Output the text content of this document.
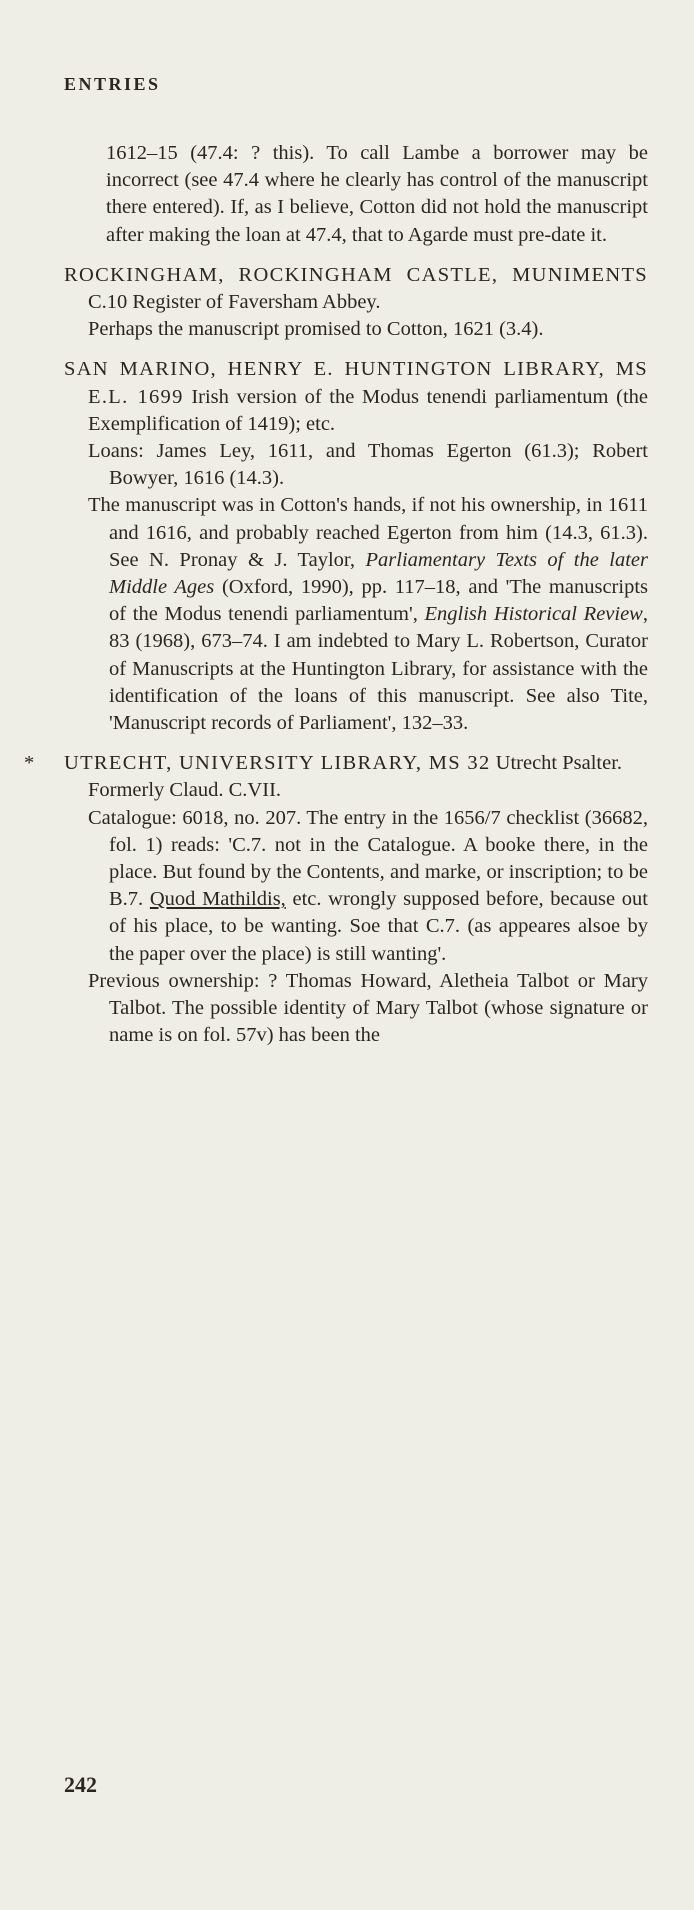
ENTRIES

1612–15 (47.4: ? this). To call Lambe a borrower may be incorrect (see 47.4 where he clearly has control of the manuscript there entered). If, as I believe, Cotton did not hold the manuscript after making the loan at 47.4, that to Agarde must pre-date it.

ROCKINGHAM, ROCKINGHAM CASTLE, MUNIMENTS C.10 Register of Faversham Abbey.

Perhaps the manuscript promised to Cotton, 1621 (3.4).

SAN MARINO, HENRY E. HUNTINGTON LIBRARY, MS E.L. 1699 Irish version of the Modus tenendi parliamentum (the Exemplification of 1419); etc.

Loans: James Ley, 1611, and Thomas Egerton (61.3); Robert Bowyer, 1616 (14.3).

The manuscript was in Cotton's hands, if not his ownership, in 1611 and 1616, and probably reached Egerton from him (14.3, 61.3). See N. Pronay & J. Taylor, Parliamentary Texts of the later Middle Ages (Oxford, 1990), pp. 117–18, and 'The manuscripts of the Modus tenendi parliamentum', English Historical Review, 83 (1968), 673–74. I am indebted to Mary L. Robertson, Curator of Manuscripts at the Huntington Library, for assistance with the identification of the loans of this manuscript. See also Tite, 'Manuscript records of Parliament', 132–33.

*	UTRECHT, UNIVERSITY LIBRARY, MS 32 Utrecht Psalter.

Formerly Claud. C.VII.

Catalogue: 6018, no. 207. The entry in the 1656/7 checklist (36682, fol. 1) reads: 'C.7. not in the Catalogue. A booke there, in the place. But found by the Contents, and marke, or inscription; to be B.7. Quod Mathildis, etc. wrongly supposed before, because out of his place, to be wanting. Soe that C.7. (as appeares alsoe by the paper over the place) is still wanting'.

Previous ownership: ? Thomas Howard, Aletheia Talbot or Mary Talbot. The possible identity of Mary Talbot (whose signature or name is on fol. 57v) has been the

242
